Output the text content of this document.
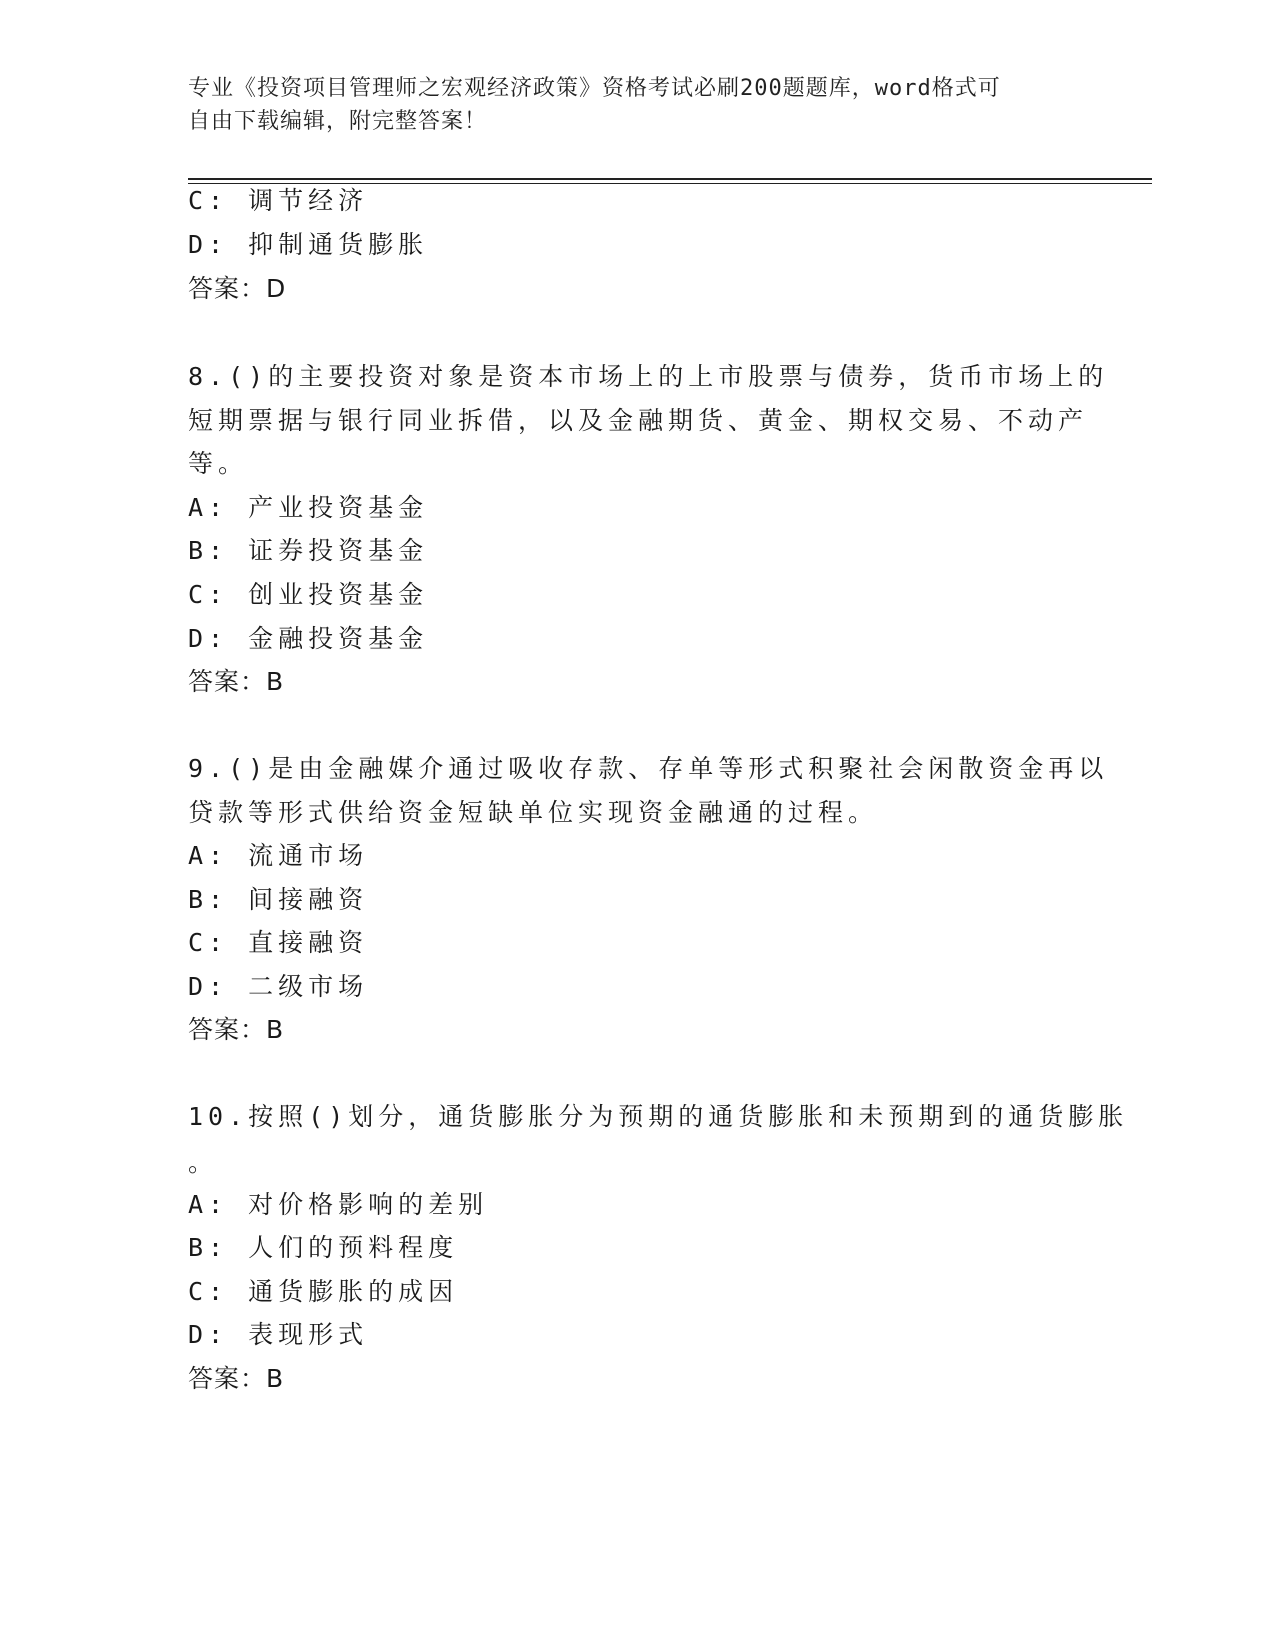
专业《投资项目管理师之宏观经济政策》资格考试必刷200题题库，word格式可
自由下载编辑，附完整答案！
C: 调节经济
D: 抑制通货膨胀
答案：D
8.()的主要投资对象是资本市场上的上市股票与债券，货币市场上的
短期票据与银行同业拆借，以及金融期货、黄金、期权交易、不动产
等。
A: 产业投资基金
B: 证券投资基金
C: 创业投资基金
D: 金融投资基金
答案：B
9.()是由金融媒介通过吸收存款、存单等形式积聚社会闲散资金再以
贷款等形式供给资金短缺单位实现资金融通的过程。
A: 流通市场
B: 间接融资
C: 直接融资
D: 二级市场
答案：B
10.按照()划分，通货膨胀分为预期的通货膨胀和未预期到的通货膨胀
。
A: 对价格影响的差别
B: 人们的预料程度
C: 通货膨胀的成因
D: 表现形式
答案：B
